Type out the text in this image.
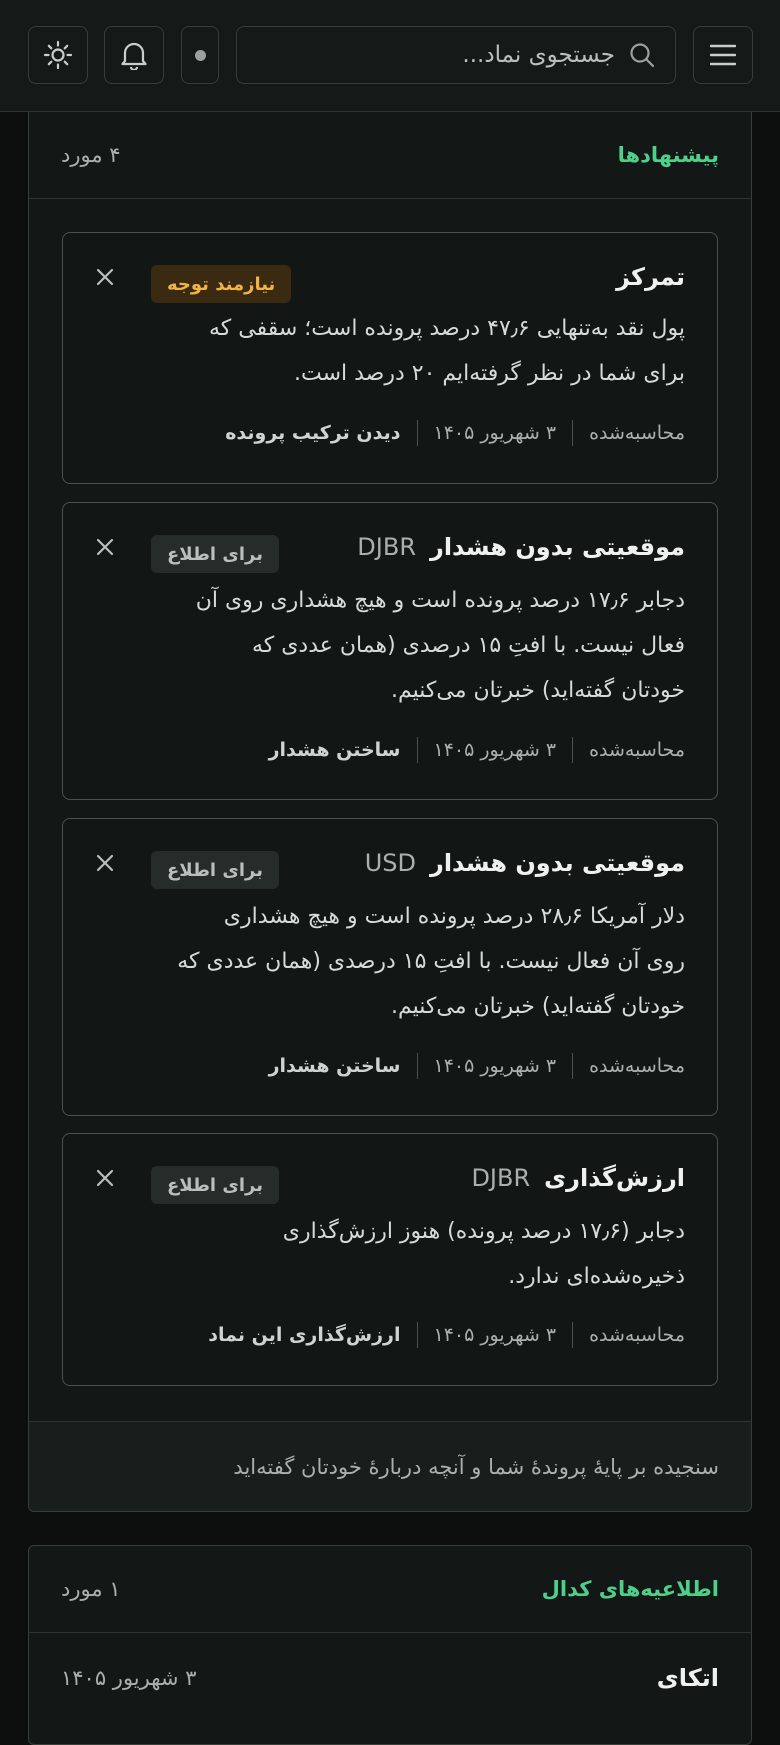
جستجوی نماد...
پیشنهادها
۴ مورد
تمرکز
نیازمند توجه
پول نقد به‌تنهایی ۴۷٫۶ درصد پرونده است؛ سقفی که
برای شما در نظر گرفته‌ایم ۲۰ درصد است.
محاسبه‌شده
۳ شهریور ۱۴۰۵
دیدن ترکیب پرونده
موقعیتی بدون هشدار
DJBR
برای اطلاع
دجابر ۱۷٫۶ درصد پرونده است و هیچ هشداری روی آن
فعال نیست. با افتِ ۱۵ درصدی (همان عددی که
خودتان گفته‌اید) خبرتان می‌کنیم.
محاسبه‌شده
۳ شهریور ۱۴۰۵
ساختن هشدار
موقعیتی بدون هشدار
USD
برای اطلاع
دلار آمریکا ۲۸٫۶ درصد پرونده است و هیچ هشداری
روی آن فعال نیست. با افتِ ۱۵ درصدی (همان عددی که
خودتان گفته‌اید) خبرتان می‌کنیم.
محاسبه‌شده
۳ شهریور ۱۴۰۵
ساختن هشدار
ارزش‌گذاری
DJBR
برای اطلاع
دجابر (۱۷٫۶ درصد پرونده) هنوز ارزش‌گذاری
ذخیره‌شده‌ای ندارد.
محاسبه‌شده
۳ شهریور ۱۴۰۵
ارزش‌گذاری این نماد
سنجیده بر پایهٔ پروندهٔ شما و آنچه دربارهٔ خودتان گفته‌اید
اطلاعیه‌های کدال
۱ مورد
اتکای
۳ شهریور ۱۴۰۵
